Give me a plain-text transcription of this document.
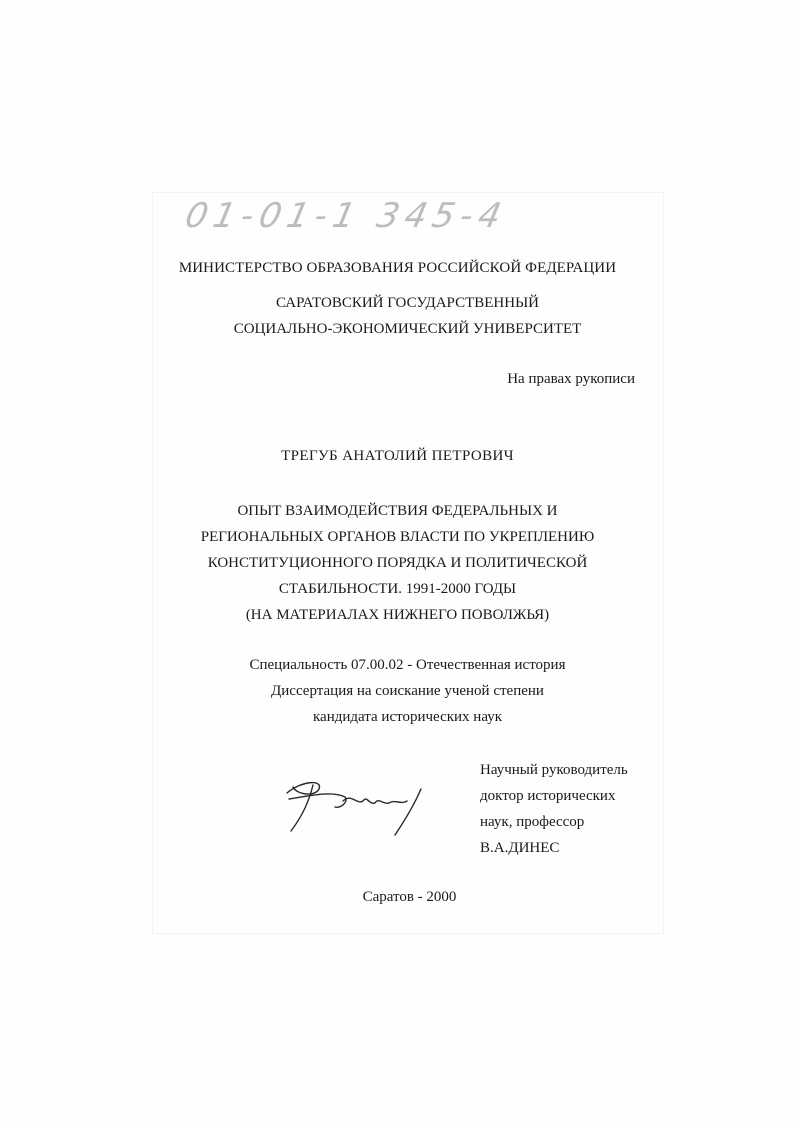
01-01-1 345-4
МИНИСТЕРСТВО ОБРАЗОВАНИЯ РОССИЙСКОЙ ФЕДЕРАЦИИ
САРАТОВСКИЙ ГОСУДАРСТВЕННЫЙ
СОЦИАЛЬНО-ЭКОНОМИЧЕСКИЙ УНИВЕРСИТЕТ
На правах рукописи
ТРЕГУБ АНАТОЛИЙ ПЕТРОВИЧ
ОПЫТ ВЗАИМОДЕЙСТВИЯ ФЕДЕРАЛЬНЫХ И
РЕГИОНАЛЬНЫХ ОРГАНОВ ВЛАСТИ ПО УКРЕПЛЕНИЮ
КОНСТИТУЦИОННОГО ПОРЯДКА И ПОЛИТИЧЕСКОЙ
СТАБИЛЬНОСТИ. 1991-2000 ГОДЫ
(НА МАТЕРИАЛАХ НИЖНЕГО ПОВОЛЖЬЯ)
Специальность 07.00.02 - Отечественная история
Диссертация на соискание ученой степени
кандидата исторических наук
Научный руководитель
доктор исторических
наук, профессор
В.А.ДИНЕС
Саратов - 2000
